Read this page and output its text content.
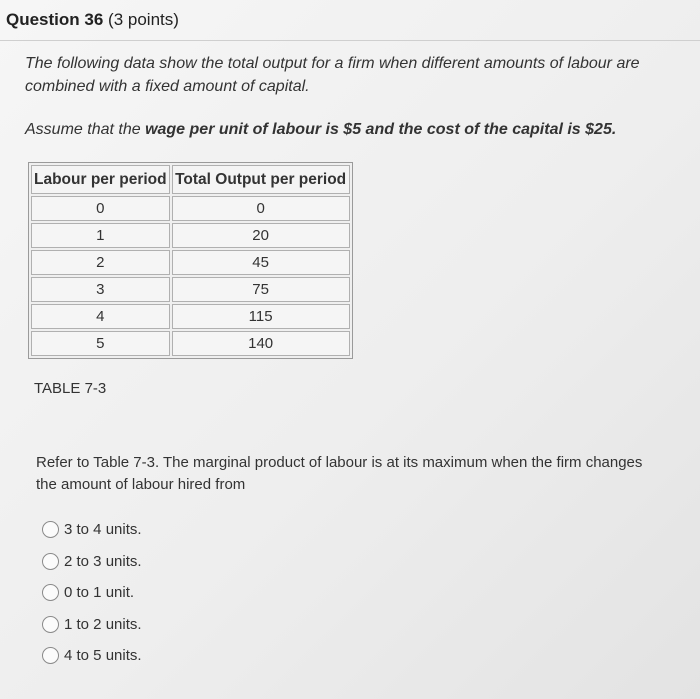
Question 36 (3 points)
The following data show the total output for a firm when different amounts of labour are combined with a fixed amount of capital.
Assume that the wage per unit of labour is $5 and the cost of the capital is $25.
Labour per period	Total Output per period
0	0
1	20
2	45
3	75
4	115
5	140
TABLE 7-3
Refer to Table 7-3. The marginal product of labour is at its maximum when the firm changes the amount of labour hired from
3 to 4 units.
2 to 3 units.
0 to 1 unit.
1 to 2 units.
4 to 5 units.
